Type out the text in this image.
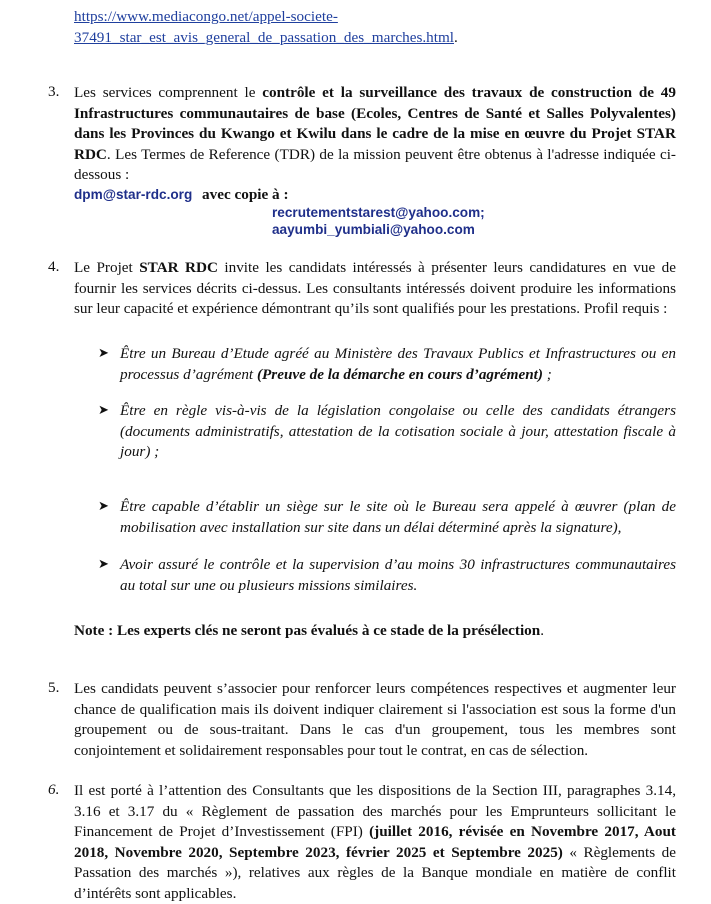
https://www.mediacongo.net/appel-societe-
37491_star_est_avis_general_de_passation_des_marches.html.
3. Les services comprennent le contrôle et la surveillance des travaux de construction de 49 Infrastructures communautaires de base (Ecoles, Centres de Santé et Salles Polyvalentes) dans les Provinces du Kwango et Kwilu dans le cadre de la mise en œuvre du Projet STAR RDC. Les Termes de Reference (TDR) de la mission peuvent être obtenus à l'adresse indiquée ci-dessous :
dpm@star-rdc.org avec copie à :
recrutementstarest@yahoo.com;
aayumbi_yumbiali@yahoo.com
4. Le Projet STAR RDC invite les candidats intéressés à présenter leurs candidatures en vue de fournir les services décrits ci-dessus. Les consultants intéressés doivent produire les informations sur leur capacité et expérience démontrant qu’ils sont qualifiés pour les prestations. Profil requis :
➤ Être un Bureau d’Etude agréé au Ministère des Travaux Publics et Infrastructures ou en processus d’agrément (Preuve de la démarche en cours d’agrément) ;
➤ Être en règle vis-à-vis de la législation congolaise ou celle des candidats étrangers (documents administratifs, attestation de la cotisation sociale à jour, attestation fiscale à jour) ;
➤ Être capable d’établir un siège sur le site où le Bureau sera appelé à œuvrer (plan de mobilisation avec installation sur site dans un délai déterminé après la signature),
➤ Avoir assuré le contrôle et la supervision d’au moins 30 infrastructures communautaires au total sur une ou plusieurs missions similaires.
Note : Les experts clés ne seront pas évalués à ce stade de la présélection.
5. Les candidats peuvent s’associer pour renforcer leurs compétences respectives et augmenter leur chance de qualification mais ils doivent indiquer clairement si l'association est sous la forme d'un groupement ou de sous-traitant. Dans le cas d'un groupement, tous les membres sont conjointement et solidairement responsables pour tout le contrat, en cas de sélection.
6. Il est porté à l’attention des Consultants que les dispositions de la Section III, paragraphes 3.14, 3.16 et 3.17 du « Règlement de passation des marchés pour les Emprunteurs sollicitant le Financement de Projet d’Investissement (FPI) (juillet 2016, révisée en Novembre 2017, Aout 2018, Novembre 2020, Septembre 2023, février 2025 et Septembre 2025) « Règlements de Passation des marchés »), relatives aux règles de la Banque mondiale en matière de conflit d’intérêts sont applicables.
